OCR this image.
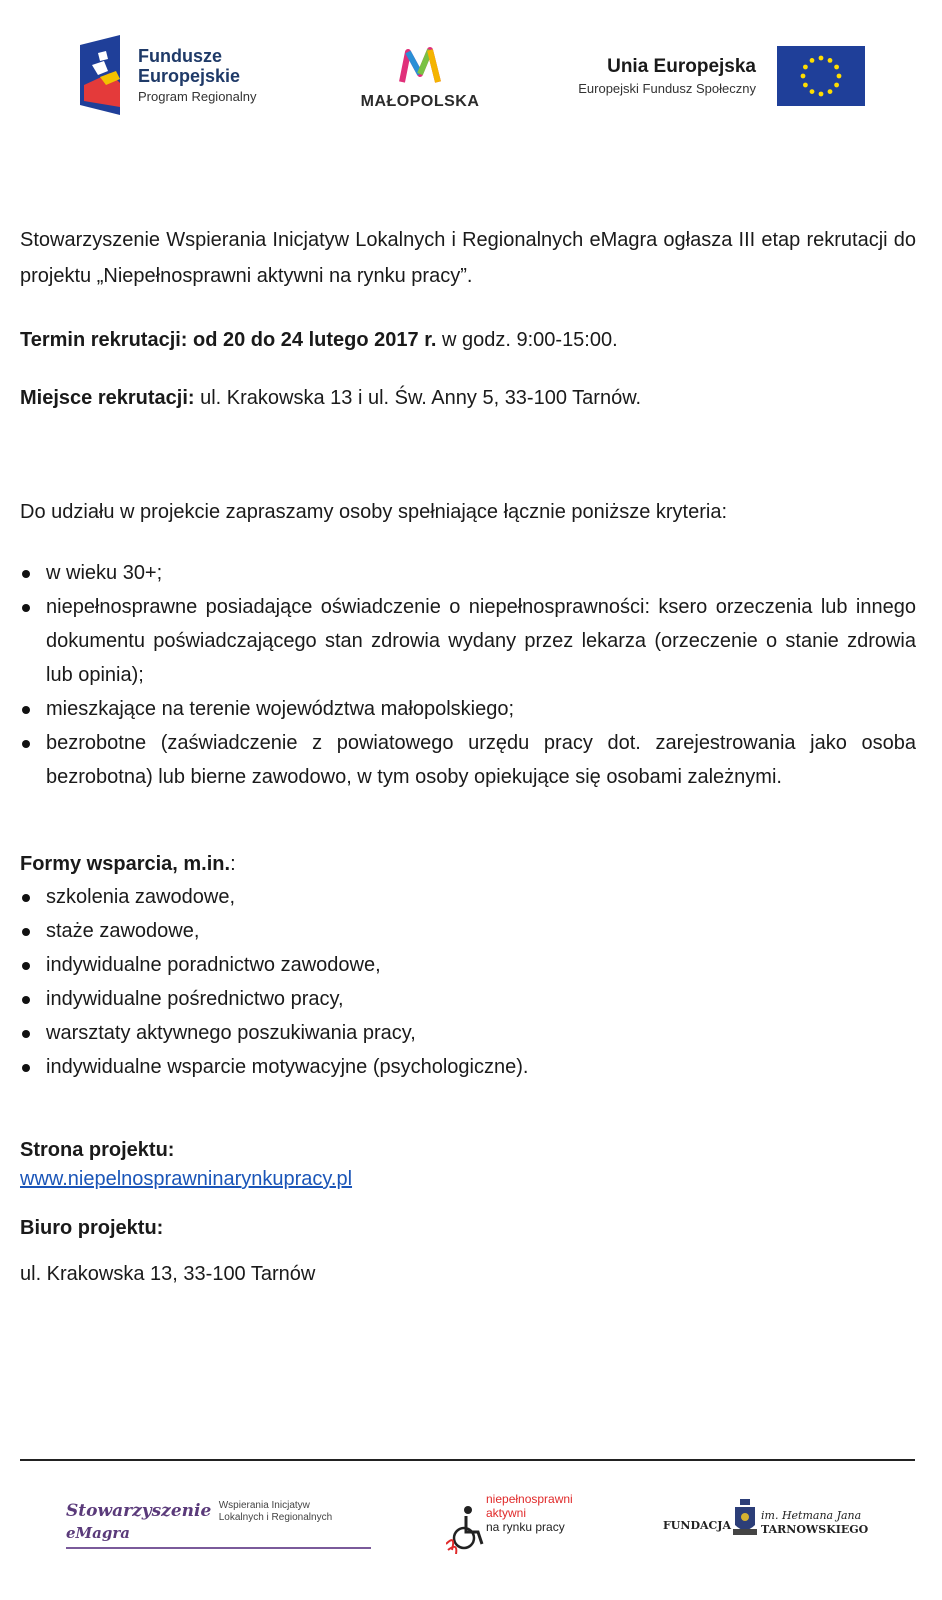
Fundusze
Europejskie
Program Regionalny	MAŁOPOLSKA
Unia Europejska
Europejski Fundusz Społeczny
Stowarzyszenie Wspierania Inicjatyw Lokalnych i Regionalnych eMagra ogłasza III etap rekrutacji do projektu „Niepełnosprawni aktywni na rynku pracy”.
Termin rekrutacji: od 20 do 24 lutego 2017 r. w godz. 9:00-15:00.
Miejsce rekrutacji: ul. Krakowska 13 i ul. Św. Anny 5, 33-100 Tarnów.
Do udziału w projekcie zapraszamy osoby spełniające łącznie poniższe kryteria:
w wieku 30+;
niepełnosprawne posiadające oświadczenie o niepełnosprawności: ksero orzeczenia lub innego dokumentu poświadczającego stan zdrowia wydany przez lekarza (orzeczenie o stanie zdrowia lub opinia);
mieszkające na terenie województwa małopolskiego;
bezrobotne (zaświadczenie z powiatowego urzędu pracy dot. zarejestrowania jako osoba bezrobotna) lub bierne zawodowo, w tym osoby opiekujące się osobami zależnymi.
Formy wsparcia, m.in.:
szkolenia zawodowe,
staże zawodowe,
indywidualne poradnictwo zawodowe,
indywidualne pośrednictwo pracy,
warsztaty aktywnego poszukiwania pracy,
indywidualne wsparcie motywacyjne (psychologiczne).
Strona projektu:
www.niepelnosprawninarynkupracy.pl
Biuro projektu:
ul. Krakowska 13, 33-100 Tarnów
Stowarzyszenie Wspierania Inicjatyw
Lokalnych i Regionalnych eMagra
niepełnosprawni
aktywni
na rynku pracy	FUNDACJA
im. Hetmana Jana
TARNOWSKIEGO
